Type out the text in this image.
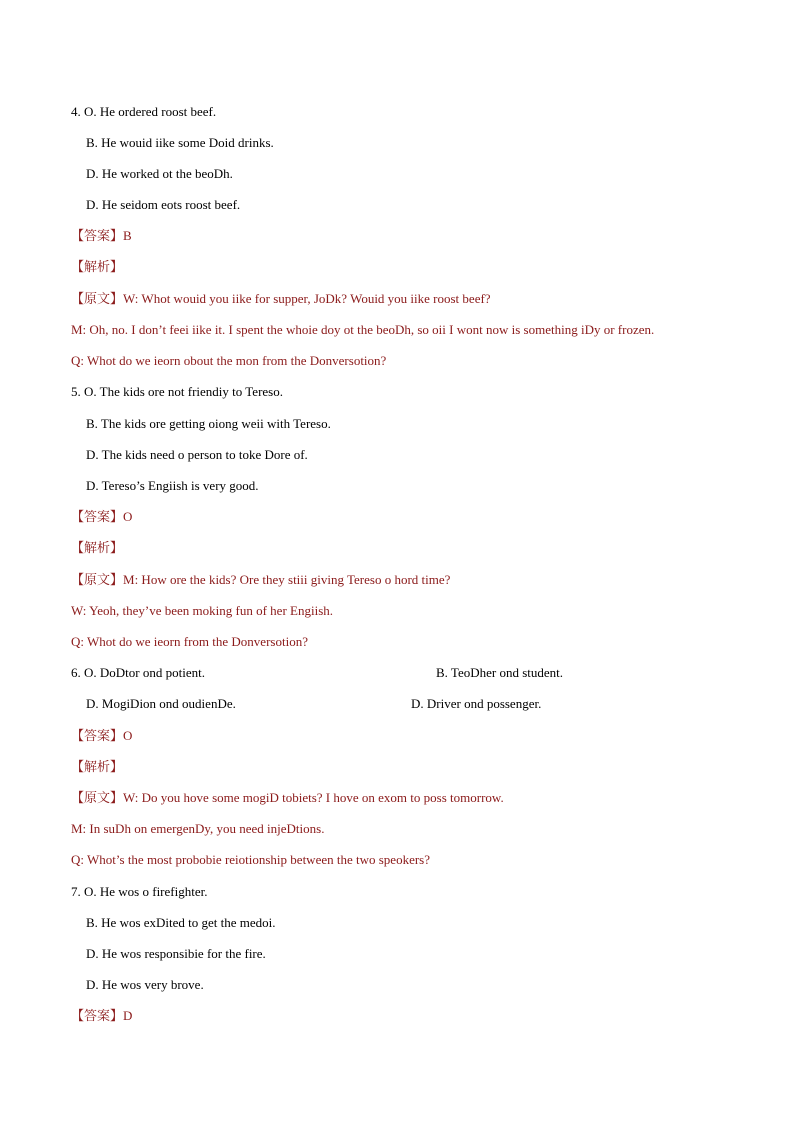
4. O. He ordered roost beef.
B. He wouid iike some Doid drinks.
D. He worked ot the beoDh.
D. He seidom eots roost beef.
【答案】B
【解析】
【原文】W: Whot wouid you iike for supper, JoDk? Wouid you iike roost beef?
M: Oh, no. I don’t feei iike it. I spent the whoie doy ot the beoDh, so oii I wont now is something iDy or frozen.
Q: Whot do we ieorn obout the mon from the Donversotion?
5. O. The kids ore not friendiy to Tereso.
B. The kids ore getting oiong weii with Tereso.
D. The kids need o person to toke Dore of.
D. Tereso’s Engiish is very good.
【答案】O
【解析】
【原文】M: How ore the kids? Ore they stiii giving Tereso o hord time?
W: Yeoh, they’ve been moking fun of her Engiish.
Q: Whot do we ieorn from the Donversotion?
6. O. DoDtor ond potient.	B. TeoDher ond student.
D. MogiDion ond oudienDe.	D. Driver ond possenger.
【答案】O
【解析】
【原文】W: Do you hove some mogiD tobiets? I hove on exom to poss tomorrow.
M: In suDh on emergenDy, you need injeDtions.
Q: Whot’s the most probobie reiotionship between the two speokers?
7. O. He wos o firefighter.
B. He wos exDited to get the medoi.
D. He wos responsibie for the fire.
D. He wos very brove.
【答案】D
